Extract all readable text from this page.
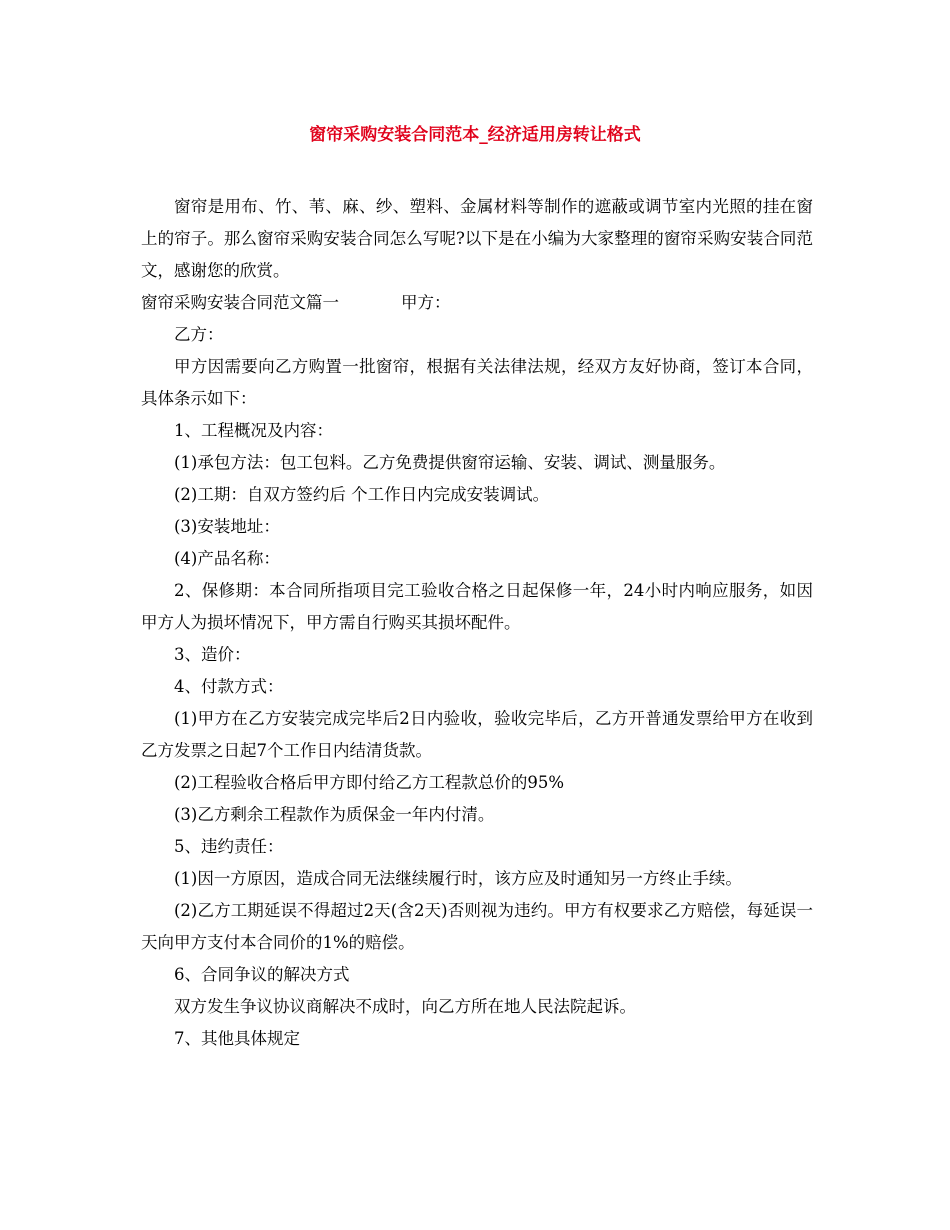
窗帘采购安装合同范本_经济适用房转让格式

窗帘是用布、竹、苇、麻、纱、塑料、金属材料等制作的遮蔽或调节室内光照的挂在窗上的帘子。那么窗帘采购安装合同怎么写呢?以下是在小编为大家整理的窗帘采购安装合同范文，感谢您的欣赏。

窗帘采购安装合同范文篇一	甲方：

乙方：

甲方因需要向乙方购置一批窗帘，根据有关法律法规，经双方友好协商，签订本合同，具体条示如下：

1、工程概况及内容：

(1)承包方法：包工包料。乙方免费提供窗帘运输、安装、调试、测量服务。

(2)工期：自双方签约后 个工作日内完成安装调试。

(3)安装地址：

(4)产品名称：

2、保修期：本合同所指项目完工验收合格之日起保修一年，24小时内响应服务，如因甲方人为损坏情况下，甲方需自行购买其损坏配件。

3、造价：

4、付款方式：

(1)甲方在乙方安装完成完毕后2日内验收，验收完毕后，乙方开普通发票给甲方在收到乙方发票之日起7个工作日内结清货款。

(2)工程验收合格后甲方即付给乙方工程款总价的95%

(3)乙方剩余工程款作为质保金一年内付清。

5、违约责任：

(1)因一方原因，造成合同无法继续履行时，该方应及时通知另一方终止手续。

(2)乙方工期延误不得超过2天(含2天)否则视为违约。甲方有权要求乙方赔偿，每延误一天向甲方支付本合同价的1%的赔偿。

6、合同争议的解决方式

双方发生争议协议商解决不成时，向乙方所在地人民法院起诉。

7、其他具体规定
